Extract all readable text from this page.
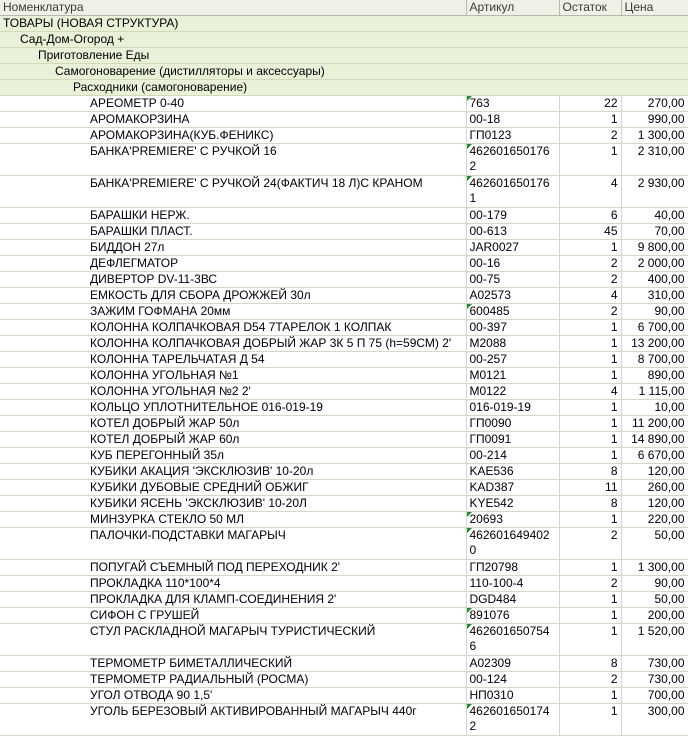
Номенклатура	Артикул	Остаток	Цена
ТОВАРЫ (НОВАЯ СТРУКТУРА)			
Сад-Дом-Огород +			
Приготовление Еды			
Самогоноварение (дистилляторы и аксессуары)			
Расходники (самогоноварение)			
АРЕОМЕТР 0-40	763	22	270,00
АРОМАКОРЗИНА	00-18	1	990,00
АРОМАКОРЗИНА(КУБ.ФЕНИКС)	ГП0123	2	1 300,00
БАНКА'PREMIERE' С РУЧКОЙ 16	4626016501762	1	2 310,00
БАНКА'PREMIERE' С РУЧКОЙ 24(ФАКТИЧ 18 Л)С КРАНОМ	4626016501761	4	2 930,00
БАРАШКИ НЕРЖ.	00-179	6	40,00
БАРАШКИ ПЛАСТ.	00-613	45	70,00
БИДДОН 27л	JAR0027	1	9 800,00
ДЕФЛЕГМАТОР	00-16	2	2 000,00
ДИВЕРТОР DV-11-3ВС	00-75	2	400,00
ЕМКОСТЬ ДЛЯ СБОРА ДРОЖЖЕЙ 30л	A02573	4	310,00
ЗАЖИМ ГОФМАНА 20мм	600485	2	90,00
КОЛОННА КОЛПАЧКОВАЯ D54 7ТАРЕЛОК 1 КОЛПАК	00-397	1	6 700,00
КОЛОННА КОЛПАЧКОВАЯ ДОБРЫЙ ЖАР 3К 5 П 75 (h=59СМ) 2'	M2088	1	13 200,00
КОЛОННА ТАРЕЛЬЧАТАЯ Д 54	00-257	1	8 700,00
КОЛОННА УГОЛЬНАЯ №1	M0121	1	890,00
КОЛОННА УГОЛЬНАЯ №2 2'	M0122	4	1 115,00
КОЛЬЦО УПЛОТНИТЕЛЬНОЕ 016-019-19	016-019-19	1	10,00
КОТЕЛ ДОБРЫЙ ЖАР 50л	ГП0090	1	11 200,00
КОТЕЛ ДОБРЫЙ ЖАР 60л	ГП0091	1	14 890,00
КУБ ПЕРЕГОННЫЙ 35л	00-214	1	6 670,00
КУБИКИ АКАЦИЯ 'ЭКСКЛЮЗИВ' 10-20л	KAE536	8	120,00
КУБИКИ ДУБОВЫЕ СРЕДНИЙ ОБЖИГ	KAD387	11	260,00
КУБИКИ ЯСЕНЬ 'ЭКСКЛЮЗИВ' 10-20Л	KYE542	8	120,00
МИНЗУРКА СТЕКЛО 50 МЛ	20693	1	220,00
ПАЛОЧКИ-ПОДСТАВКИ МАГАРЫЧ	4626016494020	2	50,00
ПОПУГАЙ СЪЕМНЫЙ ПОД ПЕРЕХОДНИК 2'	ГП20798	1	1 300,00
ПРОКЛАДКА 110*100*4	110-100-4	2	90,00
ПРОКЛАДКА ДЛЯ КЛАМП-СОЕДИНЕНИЯ 2'	DGD484	1	50,00
СИФОН С ГРУШЕЙ	891076	1	200,00
СТУЛ РАСКЛАДНОЙ МАГАРЫЧ ТУРИСТИЧЕСКИЙ	4626016507546	1	1 520,00
ТЕРМОМЕТР БИМЕТАЛЛИЧЕСКИЙ	A02309	8	730,00
ТЕРМОМЕТР РАДИАЛЬНЫЙ (РОСМА)	00-124	2	730,00
УГОЛ ОТВОДА 90 1,5'	НП0310	1	700,00
УГОЛЬ БЕРЕЗОВЫЙ АКТИВИРОВАННЫЙ МАГАРЫЧ 440г	4626016501742	1	300,00
